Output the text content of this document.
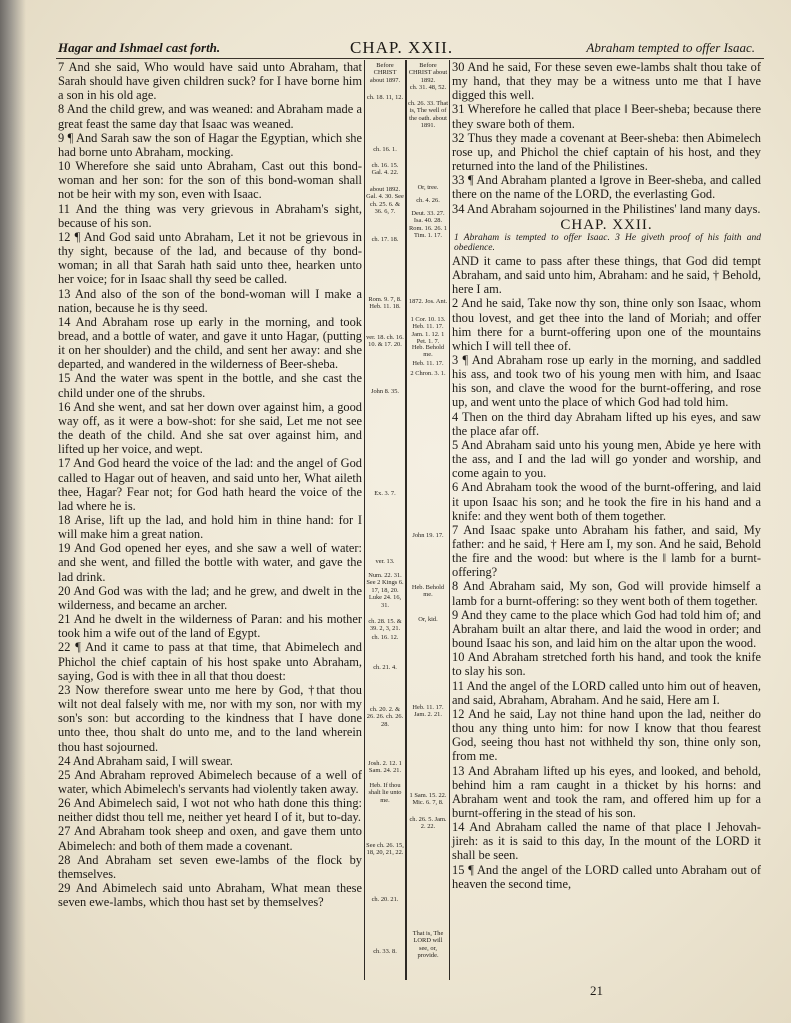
Hagar and Ishmael cast forth.	CHAP. XXII.	Abraham tempted to offer Isaac.

7 And she said, Who would have said unto Abraham, that Sarah should have given children suck? for I have borne him a son in his old age.

8 And the child grew, and was weaned: and Abraham made a great feast the same day that Isaac was weaned.

9 ¶ And Sarah saw the son of Hagar the Egyptian, which she had borne unto Abraham, mocking.

10 Wherefore she said unto Abraham, Cast out this bond-woman and her son: for the son of this bond-woman shall not be heir with my son, even with Isaac.

11 And the thing was very grievous in Abraham's sight, because of his son.

12 ¶ And God said unto Abraham, Let it not be grievous in thy sight, because of the lad, and because of thy bond-woman; in all that Sarah hath said unto thee, hearken unto her voice; for in Isaac shall thy seed be called.

13 And also of the son of the bond-woman will I make a nation, because he is thy seed.

14 And Abraham rose up early in the morning, and took bread, and a bottle of water, and gave it unto Hagar, (putting it on her shoulder) and the child, and sent her away: and she departed, and wandered in the wilderness of Beer-sheba.

15 And the water was spent in the bottle, and she cast the child under one of the shrubs.

16 And she went, and sat her down over against him, a good way off, as it were a bow-shot: for she said, Let me not see the death of the child. And she sat over against him, and lifted up her voice, and wept.

17 And God heard the voice of the lad: and the angel of God called to Hagar out of heaven, and said unto her, What aileth thee, Hagar? Fear not; for God hath heard the voice of the lad where he is.

18 Arise, lift up the lad, and hold him in thine hand: for I will make him a great nation.

19 And God opened her eyes, and she saw a well of water: and she went, and filled the bottle with water, and gave the lad drink.

20 And God was with the lad; and he grew, and dwelt in the wilderness, and became an archer.

21 And he dwelt in the wilderness of Paran: and his mother took him a wife out of the land of Egypt.

22 ¶ And it came to pass at that time, that Abimelech and Phichol the chief captain of his host spake unto Abraham, saying, God is with thee in all that thou doest:

23 Now therefore swear unto me here by God, †that thou wilt not deal falsely with me, nor with my son, nor with my son's son: but according to the kindness that I have done unto thee, thou shalt do unto me, and to the land wherein thou hast sojourned.

24 And Abraham said, I will swear.

25 And Abraham reproved Abimelech because of a well of water, which Abimelech's servants had violently taken away.

26 And Abimelech said, I wot not who hath done this thing: neither didst thou tell me, neither yet heard I of it, but to-day.

27 And Abraham took sheep and oxen, and gave them unto Abimelech: and both of them made a covenant.

28 And Abraham set seven ewe-lambs of the flock by themselves.

29 And Abimelech said unto Abraham, What mean these seven ewe-lambs, which thou hast set by themselves?

Before CHRIST about 1897.
ch. 18. 11, 12.
ch. 16. 1.
ch. 16. 15. Gal. 4. 22.
about 1892. Gal. 4. 30. See ch. 25. 6. & 36. 6, 7.
ch. 17. 18.
Rom. 9. 7, 8. Heb. 11. 18.
ver. 18. ch. 16. 10. & 17. 20.
John 8. 35.
Ex. 3. 7.
ver. 13.
Num. 22. 31. See 2 Kings 6. 17, 18, 20. Luke 24. 16, 31.
ch. 28. 15. & 39. 2, 3, 21.
ch. 16. 12.
ch. 21. 4.
ch. 20. 2. & 26. 26. ch. 26. 28.
Josh. 2. 12. 1 Sam. 24. 21.
Heb. If thou shalt lie unto me.
See ch. 26. 15, 18, 20, 21, 22.
ch. 20. 21.
ch. 33. 8.
Before CHRIST about 1892.
ch. 31. 48, 52.
ch. 26. 33. That is, The well of the oath. about 1891.
Or, tree.
ch. 4. 26.
Deut. 33. 27. Isa. 40. 28. Rom. 16. 26. 1 Tim. 1. 17.
1872. Jos. Ant.
1 Cor. 10. 13. Heb. 11. 17. Jam. 1. 12. 1 Pet. 1. 7.
Heb. Behold me.
Heb. 11. 17.
2 Chron. 3. 1.
John 19. 17.
Heb. Behold me.
Or, kid.
Heb. 11. 17. Jam. 2. 21.
1 Sam. 15. 22. Mic. 6. 7, 8.
ch. 26. 5. Jam. 2. 22.
That is, The LORD will see, or, provide.

30 And he said, For these seven ewe-lambs shalt thou take of my hand, that they may be a witness unto me that I have digged this well.

31 Wherefore he called that place ‖ Beer-sheba; because there they sware both of them.

32 Thus they made a covenant at Beer-sheba: then Abimelech rose up, and Phichol the chief captain of his host, and they returned into the land of the Philistines.

33 ¶ And Abraham planted a ‖grove in Beer-sheba, and called there on the name of the LORD, the everlasting God.

34 And Abraham sojourned in the Philistines' land many days.

CHAP. XXII.

1 Abraham is tempted to offer Isaac. 3 He giveth proof of his faith and obedience.

AND it came to pass after these things, that God did tempt Abraham, and said unto him, Abraham: and he said, † Behold, here I am.

2 And he said, Take now thy son, thine only son Isaac, whom thou lovest, and get thee into the land of Moriah; and offer him there for a burnt-offering upon one of the mountains which I will tell thee of.

3 ¶ And Abraham rose up early in the morning, and saddled his ass, and took two of his young men with him, and Isaac his son, and clave the wood for the burnt-offering, and rose up, and went unto the place of which God had told him.

4 Then on the third day Abraham lifted up his eyes, and saw the place afar off.

5 And Abraham said unto his young men, Abide ye here with the ass, and I and the lad will go yonder and worship, and come again to you.

6 And Abraham took the wood of the burnt-offering, and laid it upon Isaac his son; and he took the fire in his hand and a knife: and they went both of them together.

7 And Isaac spake unto Abraham his father, and said, My father: and he said, † Here am I, my son. And he said, Behold the fire and the wood: but where is the ‖ lamb for a burnt-offering?

8 And Abraham said, My son, God will provide himself a lamb for a burnt-offering: so they went both of them together.

9 And they came to the place which God had told him of; and Abraham built an altar there, and laid the wood in order; and bound Isaac his son, and laid him on the altar upon the wood.

10 And Abraham stretched forth his hand, and took the knife to slay his son.

11 And the angel of the LORD called unto him out of heaven, and said, Abraham, Abraham. And he said, Here am I.

12 And he said, Lay not thine hand upon the lad, neither do thou any thing unto him: for now I know that thou fearest God, seeing thou hast not withheld thy son, thine only son, from me.

13 And Abraham lifted up his eyes, and looked, and behold, behind him a ram caught in a thicket by his horns: and Abraham went and took the ram, and offered him up for a burnt-offering in the stead of his son.

14 And Abraham called the name of that place ‖ Jehovah-jireh: as it is said to this day, In the mount of the LORD it shall be seen.

15 ¶ And the angel of the LORD called unto Abraham out of heaven the second time,

21
